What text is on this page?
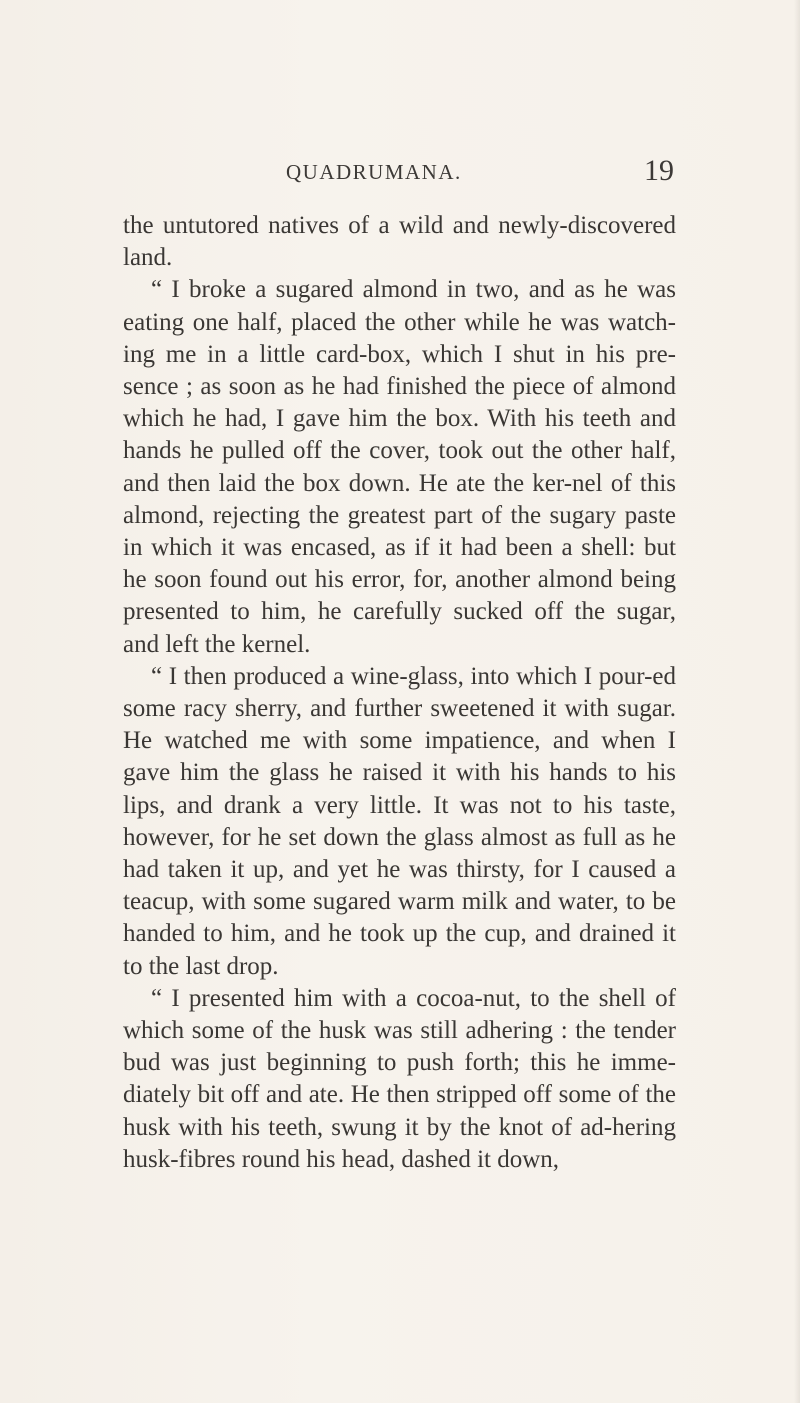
QUADRUMANA.	19

the untutored natives of a wild and newly-discovered land.

“ I broke a sugared almond in two, and as he was eating one half, placed the other while he was watch-ing me in a little card-box, which I shut in his pre-sence ; as soon as he had finished the piece of almond which he had, I gave him the box. With his teeth and hands he pulled off the cover, took out the other half, and then laid the box down. He ate the ker-nel of this almond, rejecting the greatest part of the sugary paste in which it was encased, as if it had been a shell: but he soon found out his error, for, another almond being presented to him, he carefully sucked off the sugar, and left the kernel.

“ I then produced a wine-glass, into which I pour-ed some racy sherry, and further sweetened it with sugar. He watched me with some impatience, and when I gave him the glass he raised it with his hands to his lips, and drank a very little. It was not to his taste, however, for he set down the glass almost as full as he had taken it up, and yet he was thirsty, for I caused a teacup, with some sugared warm milk and water, to be handed to him, and he took up the cup, and drained it to the last drop.

“ I presented him with a cocoa-nut, to the shell of which some of the husk was still adhering : the tender bud was just beginning to push forth; this he imme-diately bit off and ate. He then stripped off some of the husk with his teeth, swung it by the knot of ad-hering husk-fibres round his head, dashed it down,
